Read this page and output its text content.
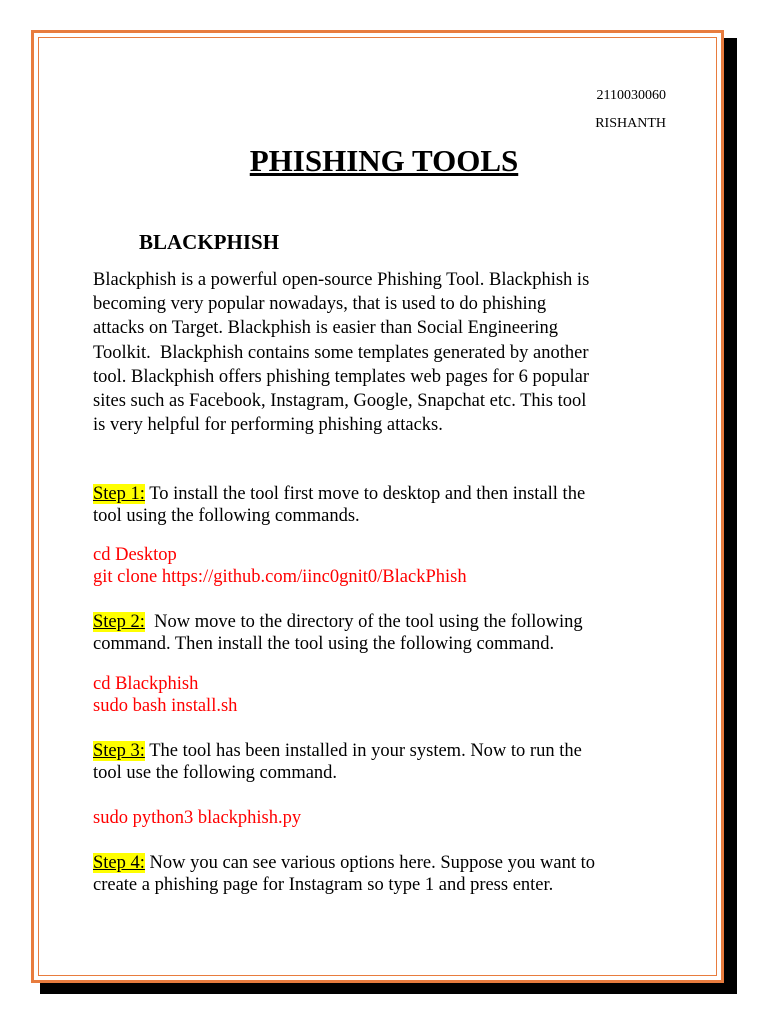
2110030060
RISHANTH
PHISHING TOOLS
BLACKPHISH
Blackphish is a powerful open-source Phishing Tool. Blackphish is
becoming very popular nowadays, that is used to do phishing
attacks on Target. Blackphish is easier than Social Engineering
Toolkit.  Blackphish contains some templates generated by another
tool. Blackphish offers phishing templates web pages for 6 popular
sites such as Facebook, Instagram, Google, Snapchat etc. This tool
is very helpful for performing phishing attacks.
Step 1: To install the tool first move to desktop and then install the
tool using the following commands.
cd Desktop
git clone https://github.com/iinc0gnit0/BlackPhish
Step 2:  Now move to the directory of the tool using the following
command. Then install the tool using the following command.
cd Blackphish
sudo bash install.sh
Step 3: The tool has been installed in your system. Now to run the
tool use the following command.
sudo python3 blackphish.py
Step 4: Now you can see various options here. Suppose you want to
create a phishing page for Instagram so type 1 and press enter.
